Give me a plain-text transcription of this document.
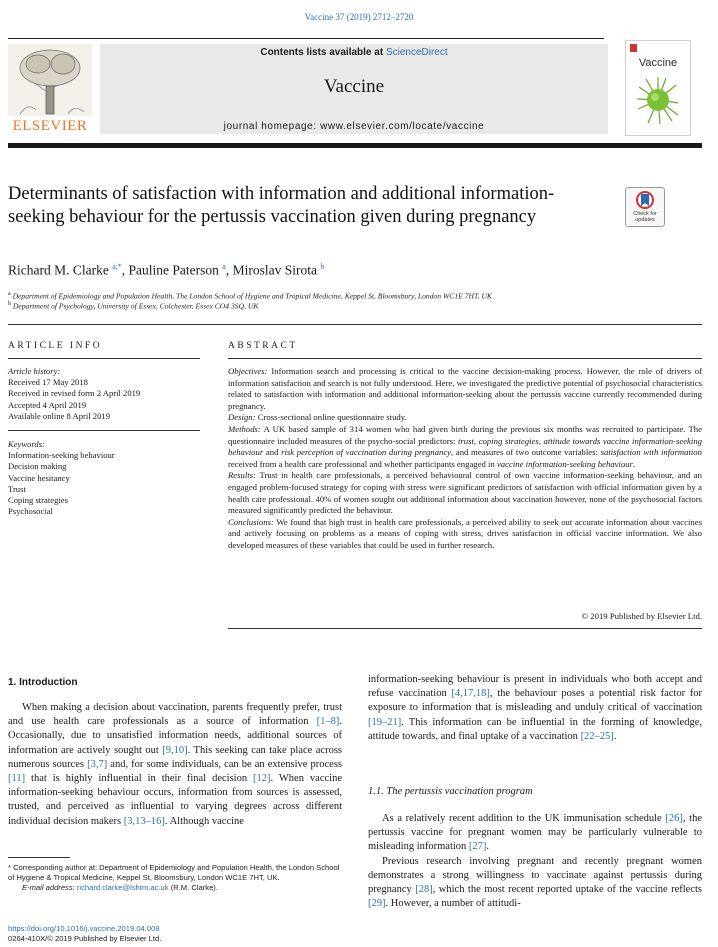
Vaccine 37 (2019) 2712–2720
ELSEVIER
Contents lists available at ScienceDirect
Vaccine
journal homepage: www.elsevier.com/locate/vaccine
Vaccine
Determinants of satisfaction with information and additional information-seeking behaviour for the pertussis vaccination given during pregnancy	Check for updates
Richard M. Clarke $^{a,*}$, Pauline Paterson $^a$, Miroslav Sirota $^b$
$^a$ Department of Epidemiology and Population Health, The London School of Hygiene and Tropical Medicine, Keppel St, Bloomsbury, London WC1E 7HT, UK
$^b$ Department of Psychology, University of Essex, Colchester, Essex CO4 3SQ, UK
ARTICLE INFO
Article history:
Received 17 May 2018
Received in revised form 2 April 2019
Accepted 4 April 2019
Available online 8 April 2019
Keywords:
Information-seeking behaviour
Decision making
Vaccine hesitancy
Trust
Coping strategies
Psychosocial
ABSTRACT
Objectives: Information search and processing is critical to the vaccine decision-making process. However, the role of drivers of information satisfaction and search is not fully understood. Here, we investigated the predictive potential of psychosocial characteristics related to satisfaction with information and additional information-seeking about the pertussis vaccine currently recommended during pregnancy.
Design: Cross-sectional online questionnaire study.
Methods: A UK based sample of 314 women who had given birth during the previous six months was recruited to participate. The questionnaire included measures of the psycho-social predictors: trust, coping strategies, attitude towards vaccine information-seeking behaviour and risk perception of vaccination during pregnancy, and measures of two outcome variables: satisfaction with information received from a health care professional and whether participants engaged in vaccine information-seeking behaviour.
Results: Trust in health care professionals, a perceived behavioural control of own vaccine information-seeking behaviour, and an engaged problem-focused strategy for coping with stress were significant predictors of satisfaction with official information given by a health care professional. 40% of women sought out additional information about vaccination however, none of the psychosocial factors measured significantly predicted the behaviour.
Conclusions: We found that high trust in health care professionals, a perceived ability to seek out accurate information about vaccines and actively focusing on problems as a means of coping with stress, drives satisfaction in official vaccine information. We also developed measures of these variables that could be used in further research.
© 2019 Published by Elsevier Ltd.
1. Introduction

When making a decision about vaccination, parents frequently prefer, trust and use health care professionals as a source of information [1–8]. Occasionally, due to unsatisfied information needs, additional sources of information are actively sought out [9,10]. This seeking can take place across numerous sources [3,7] and, for some individuals, can be an extensive process [11] that is highly influential in their final decision [12]. When vaccine information-seeking behaviour occurs, information from sources is assessed, trusted, and perceived as influential to varying degrees across different individual decision makers [3,13–16]. Although vaccine

information-seeking behaviour is present in individuals who both accept and refuse vaccination [4,17,18], the behaviour poses a potential risk factor for exposure to information that is misleading and unduly critical of vaccination [19–21]. This information can be influential in the forming of knowledge, attitude towards, and final uptake of a vaccination [22–25].

1.1. The pertussis vaccination program

As a relatively recent addition to the UK immunisation schedule [26], the pertussis vaccine for pregnant women may be particularly vulnerable to misleading information [27].

Previous research involving pregnant and recently pregnant women demonstrates a strong willingness to vaccinate against pertussis during pregnancy [28], which the most recent reported uptake of the vaccine reflects [29]. However, a number of attitudi-

* Corresponding author at: Department of Epidemiology and Population Health, the London School of Hygiene & Tropical Medicine, Keppel St, Bloomsbury, London WC1E 7HT, UK.
E-mail address: richard.clarke@lshtm.ac.uk (R.M. Clarke).
https://doi.org/10.1016/j.vaccine.2019.04.008
0264-410X/© 2019 Published by Elsevier Ltd.
